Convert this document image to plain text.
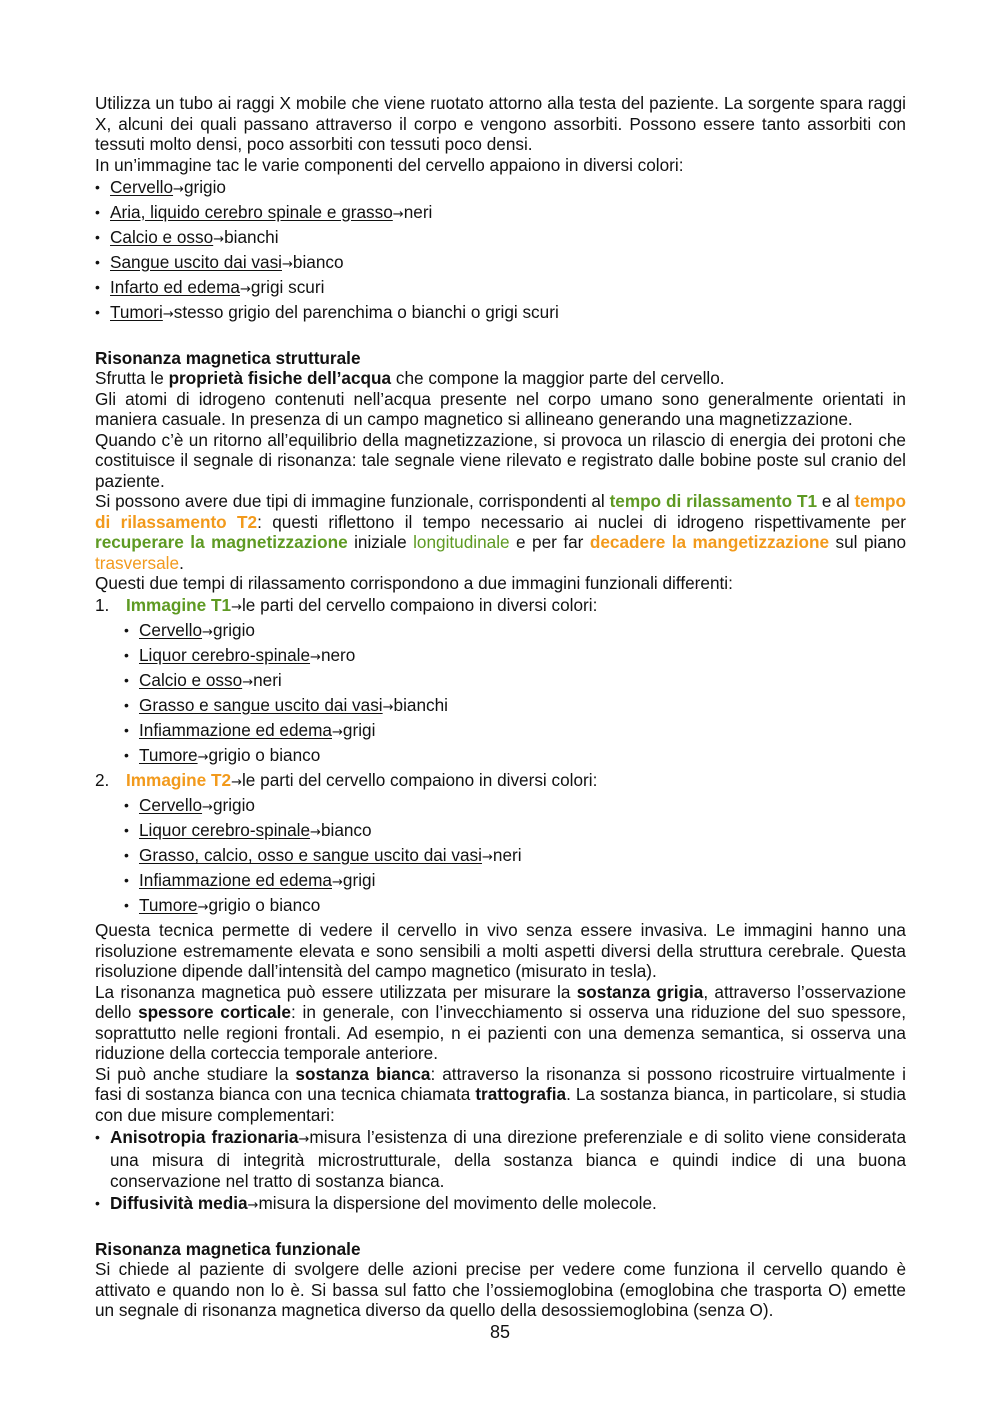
Utilizza un tubo ai raggi X mobile che viene ruotato attorno alla testa del paziente. La sorgente spara raggi X, alcuni dei quali passano attraverso il corpo e vengono assorbiti. Possono essere tanto assorbiti con tessuti molto densi, poco assorbiti con tessuti poco densi.

In un’immagine tac le varie componenti del cervello appaiono in diversi colori:

• Cervello→grigio
• Aria, liquido cerebro spinale e grasso→neri
• Calcio e osso→bianchi
• Sangue uscito dai vasi→bianco
• Infarto ed edema→grigi scuri
• Tumori→stesso grigio del parenchima o bianchi o grigi scuri
Risonanza magnetica strutturale

Sfrutta le proprietà fisiche dell’acqua che compone la maggior parte del cervello.

Gli atomi di idrogeno contenuti nell’acqua presente nel corpo umano sono generalmente orientati in maniera casuale. In presenza di un campo magnetico si allineano generando una magnetizzazione.

Quando c’è un ritorno all’equilibrio della magnetizzazione, si provoca un rilascio di energia dei protoni che costituisce il segnale di risonanza: tale segnale viene rilevato e registrato dalle bobine poste sul cranio del paziente.

Si possono avere due tipi di immagine funzionale, corrispondenti al tempo di rilassamento T1 e al tempo di rilassamento T2: questi riflettono il tempo necessario ai nuclei di idrogeno rispettivamente per recuperare la magnetizzazione iniziale longitudinale e per far decadere la mangetizzazione sul piano trasversale.

Questi due tempi di rilassamento corrispondono a due immagini funzionali differenti:

1. Immagine T1→le parti del cervello compaiono in diversi colori:
• Cervello→grigio
• Liquor cerebro-spinale→nero
• Calcio e osso→neri
• Grasso e sangue uscito dai vasi→bianchi
• Infiammazione ed edema→grigi
• Tumore→grigio o bianco
2. Immagine T2→le parti del cervello compaiono in diversi colori:
• Cervello→grigio
• Liquor cerebro-spinale→bianco
• Grasso, calcio, osso e sangue uscito dai vasi→neri
• Infiammazione ed edema→grigi
• Tumore→grigio o bianco

Questa tecnica permette di vedere il cervello in vivo senza essere invasiva. Le immagini hanno una risoluzione estremamente elevata e sono sensibili a molti aspetti diversi della struttura cerebrale. Questa risoluzione dipende dall’intensità del campo magnetico (misurato in tesla).

La risonanza magnetica può essere utilizzata per misurare la sostanza grigia, attraverso l’osservazione dello spessore corticale: in generale, con l’invecchiamento si osserva una riduzione del suo spessore, soprattutto nelle regioni frontali. Ad esempio, n ei pazienti con una demenza semantica, si osserva una riduzione della corteccia temporale anteriore.

Si può anche studiare la sostanza bianca: attraverso la risonanza si possono ricostruire virtualmente i fasi di sostanza bianca con una tecnica chiamata trattografia. La sostanza bianca, in particolare, si studia con due misure complementari:

• Anisotropia frazionaria→misura l’esistenza di una direzione preferenziale e di solito viene considerata una misura di integrità microstrutturale, della sostanza bianca e quindi indice di una buona conservazione nel tratto di sostanza bianca.
• Diffusività media→misura la dispersione del movimento delle molecole.
Risonanza magnetica funzionale

Si chiede al paziente di svolgere delle azioni precise per vedere come funziona il cervello quando è attivato e quando non lo è. Si bassa sul fatto che l’ossiemoglobina (emoglobina che trasporta O) emette un segnale di risonanza magnetica diverso da quello della desossiemoglobina (senza O).

85
